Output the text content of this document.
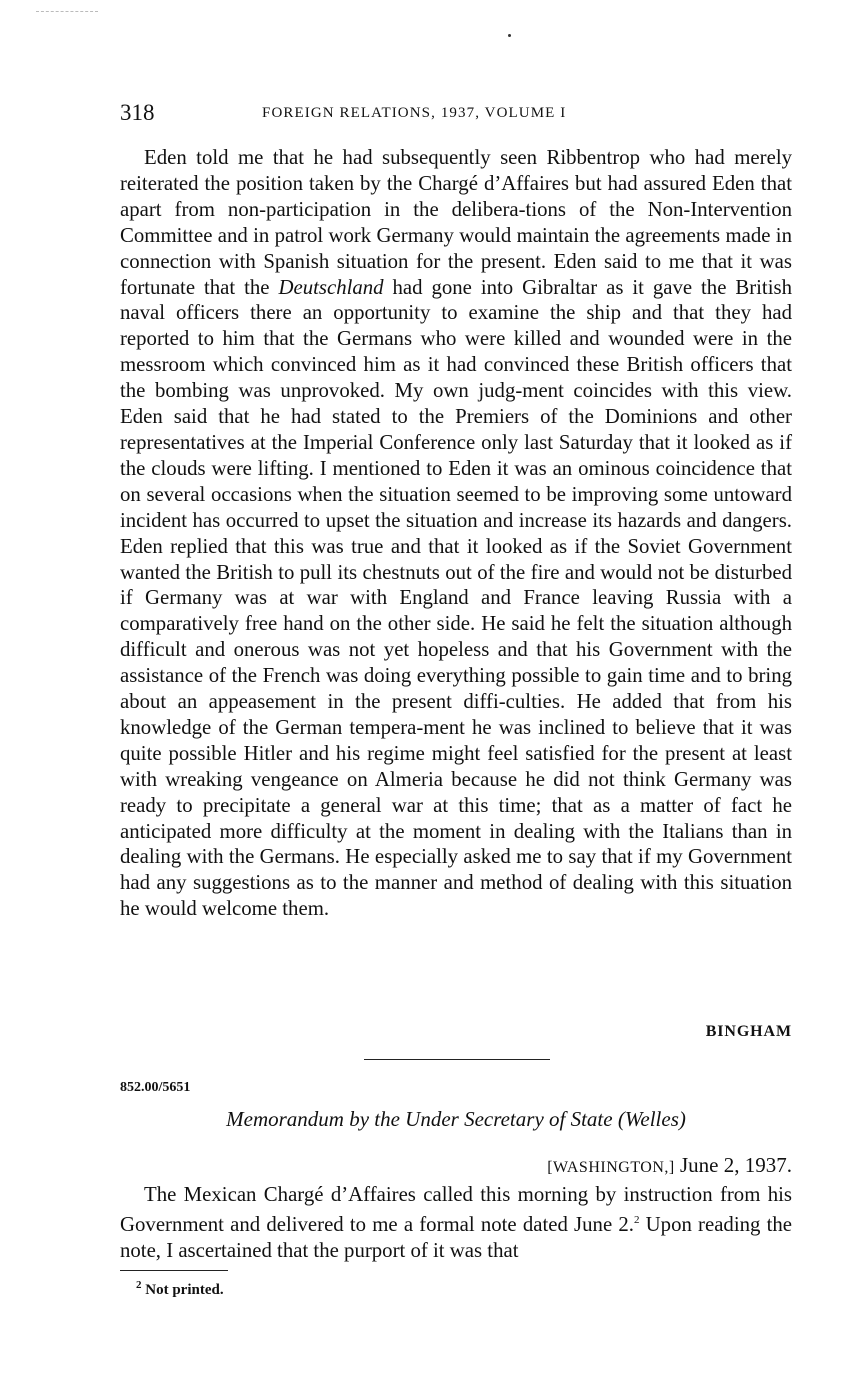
318	FOREIGN RELATIONS, 1937, VOLUME I

Eden told me that he had subsequently seen Ribbentrop who had merely reiterated the position taken by the Chargé d’Affaires but had assured Eden that apart from non-participation in the delibera-tions of the Non-Intervention Committee and in patrol work Germany would maintain the agreements made in connection with Spanish situation for the present. Eden said to me that it was fortunate that the Deutschland had gone into Gibraltar as it gave the British naval officers there an opportunity to examine the ship and that they had reported to him that the Germans who were killed and wounded were in the messroom which convinced him as it had convinced these British officers that the bombing was unprovoked. My own judg-ment coincides with this view. Eden said that he had stated to the Premiers of the Dominions and other representatives at the Imperial Conference only last Saturday that it looked as if the clouds were lifting. I mentioned to Eden it was an ominous coincidence that on several occasions when the situation seemed to be improving some untoward incident has occurred to upset the situation and increase its hazards and dangers. Eden replied that this was true and that it looked as if the Soviet Government wanted the British to pull its chestnuts out of the fire and would not be disturbed if Germany was at war with England and France leaving Russia with a comparatively free hand on the other side. He said he felt the situation although difficult and onerous was not yet hopeless and that his Government with the assistance of the French was doing everything possible to gain time and to bring about an appeasement in the present diffi-culties. He added that from his knowledge of the German tempera-ment he was inclined to believe that it was quite possible Hitler and his regime might feel satisfied for the present at least with wreaking vengeance on Almeria because he did not think Germany was ready to precipitate a general war at this time; that as a matter of fact he anticipated more difficulty at the moment in dealing with the Italians than in dealing with the Germans. He especially asked me to say that if my Government had any suggestions as to the manner and method of dealing with this situation he would welcome them.

BINGHAM
852.00/5651
Memorandum by the Under Secretary of State (Welles)
[WASHINGTON,] June 2, 1937.

The Mexican Chargé d’Affaires called this morning by instruction from his Government and delivered to me a formal note dated June 2.$^2$ Upon reading the note, I ascertained that the purport of it was that

$^2$ Not printed.
